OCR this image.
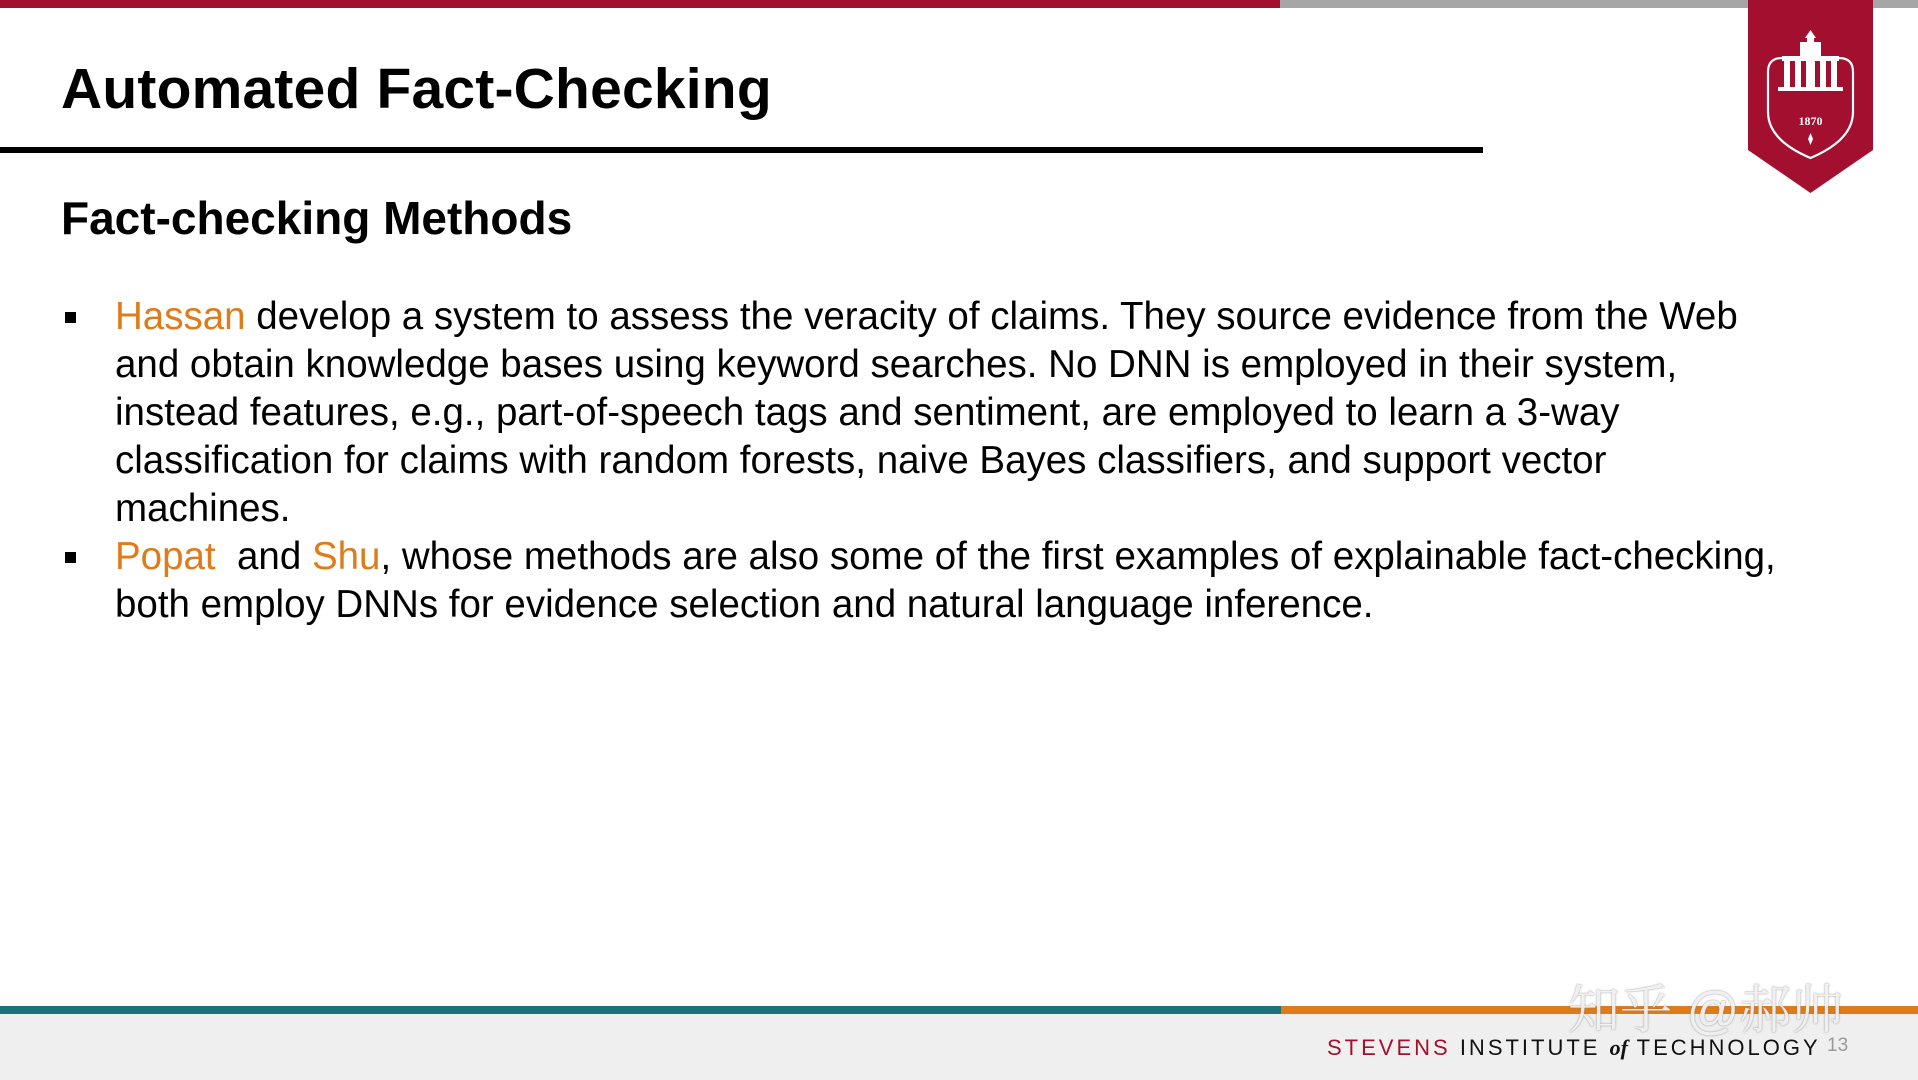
Automated Fact-Checking	1870
Fact-checking Methods
Hassan develop a system to assess the veracity of claims. They source evidence from the Web and obtain knowledge bases using keyword searches. No DNN is employed in their system, instead features, e.g., part-of-speech tags and sentiment, are employed to learn a 3-way classification for claims with random forests, naive Bayes classifiers, and support vector machines.
Popat  and Shu, whose methods are also some of the first examples of explainable fact-checking, both employ DNNs for evidence selection and natural language inference.
知乎 @郝帅
STEVENS INSTITUTE of TECHNOLOGY 13
